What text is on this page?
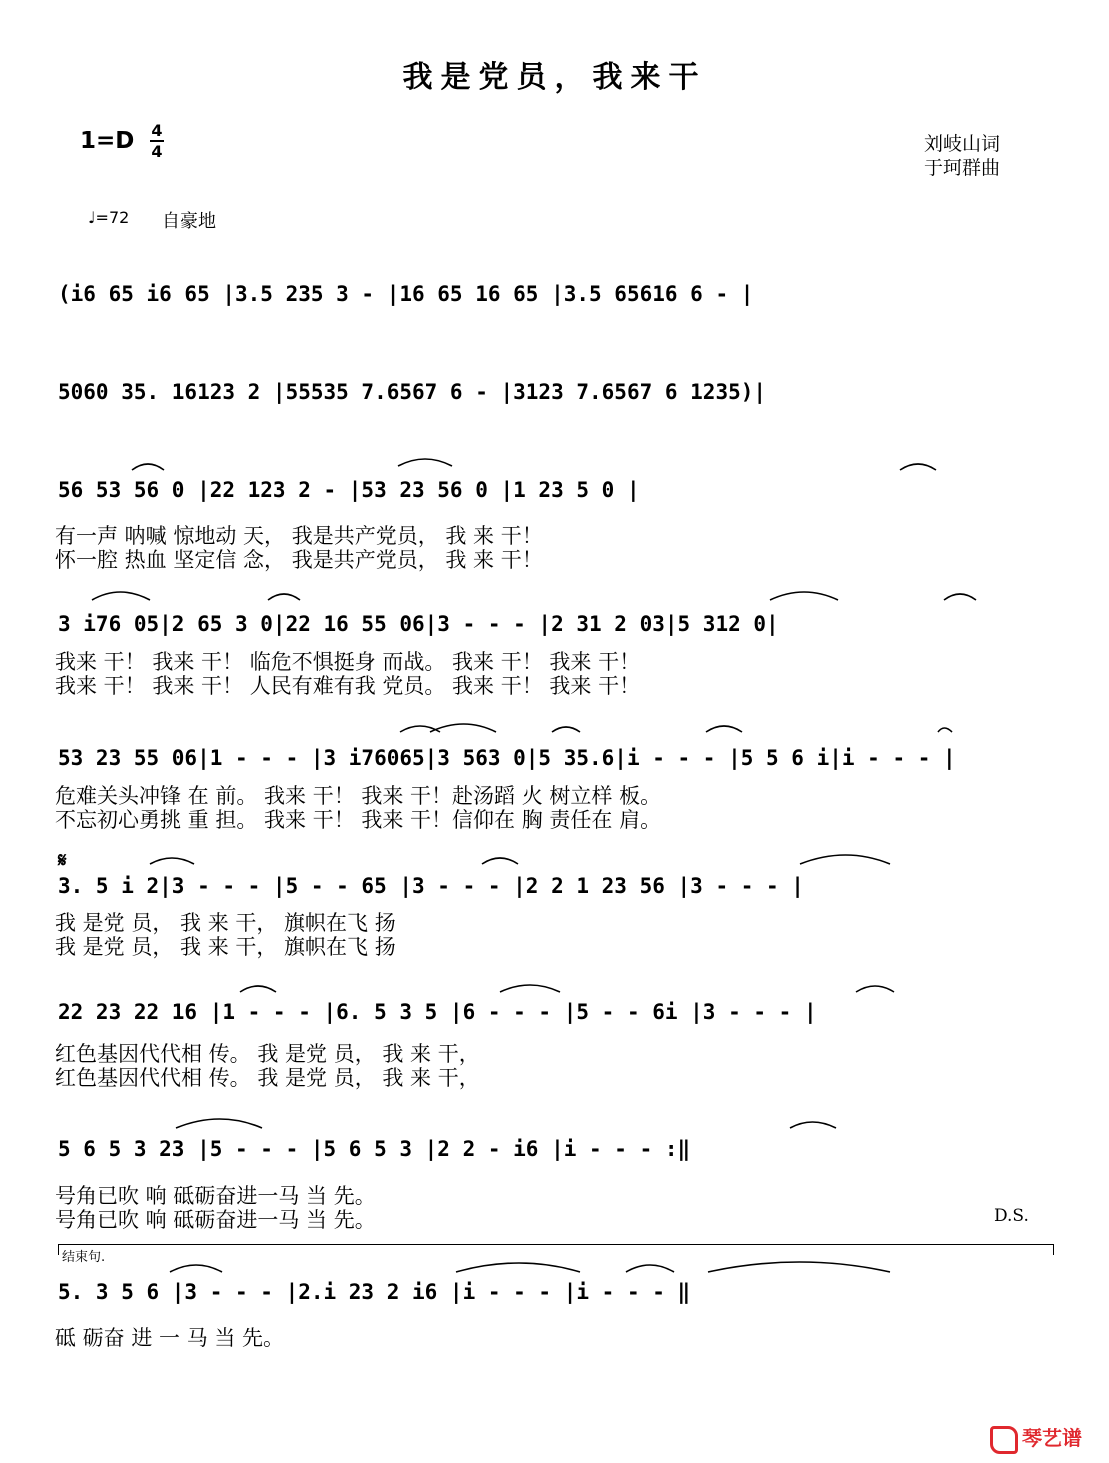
我是党员，我来干
1=D 4
4	刘岐山词
于珂群曲
♩=72 自豪地
(i6 65 i6 65 |3.5 235 3 - |16 65 16 65 |3.5 65616 6 - |
5060 35. 16123 2 |55535 7.6567 6 - |3123 7.6567 6 1235)|
56 53 56 0 |22 123 2 - |53 23 56 0 |1 23 5 0 |
有一声 呐喊 惊地动 天， 我是共产党员， 我 来 干！
怀一腔 热血 坚定信 念， 我是共产党员， 我 来 干！
3 i76 05|2 65 3 0|22 16 55 06|3 - - - |2 31 2 03|5 312 0|
我来 干！ 我来 干！ 临危不惧挺身 而战。 我来 干！ 我来 干！
我来 干！ 我来 干！ 人民有难有我 党员。 我来 干！ 我来 干！
53 23 55 06|1 - - - |3 i76065|3 563 0|5 35.6|i - - - |5 5 6 i|i - - - |
危难关头冲锋 在 前。 我来 干！ 我来 干！赴汤蹈 火 树立样 板。
不忘初心勇挑 重 担。 我来 干！ 我来 干！信仰在 胸 责任在 肩。
𝄋
3. 5 i 2|3 - - - |5 - - 65 |3 - - - |2 2 1 23 56 |3 - - - |
我 是党 员， 我 来 干， 旗帜在飞 扬
我 是党 员， 我 来 干， 旗帜在飞 扬
22 23 22 16 |1 - - - |6. 5 3 5 |6 - - - |5 - - 6i |3 - - - |
红色基因代代相 传。 我 是党 员， 我 来 干，
红色基因代代相 传。 我 是党 员， 我 来 干，
5 6 5 3 23 |5 - - - |5 6 5 3 |2 2 - i6 |i - - - :‖
号角已吹 响 砥砺奋进一马 当 先。
号角已吹 响 砥砺奋进一马 当 先。	D.S.
结束句.
5. 3 5 6 |3 - - - |2.i 23 2 i6 |i - - - |i - - - ‖
砥 砺奋 进 一 马 当 先。
琴艺谱
